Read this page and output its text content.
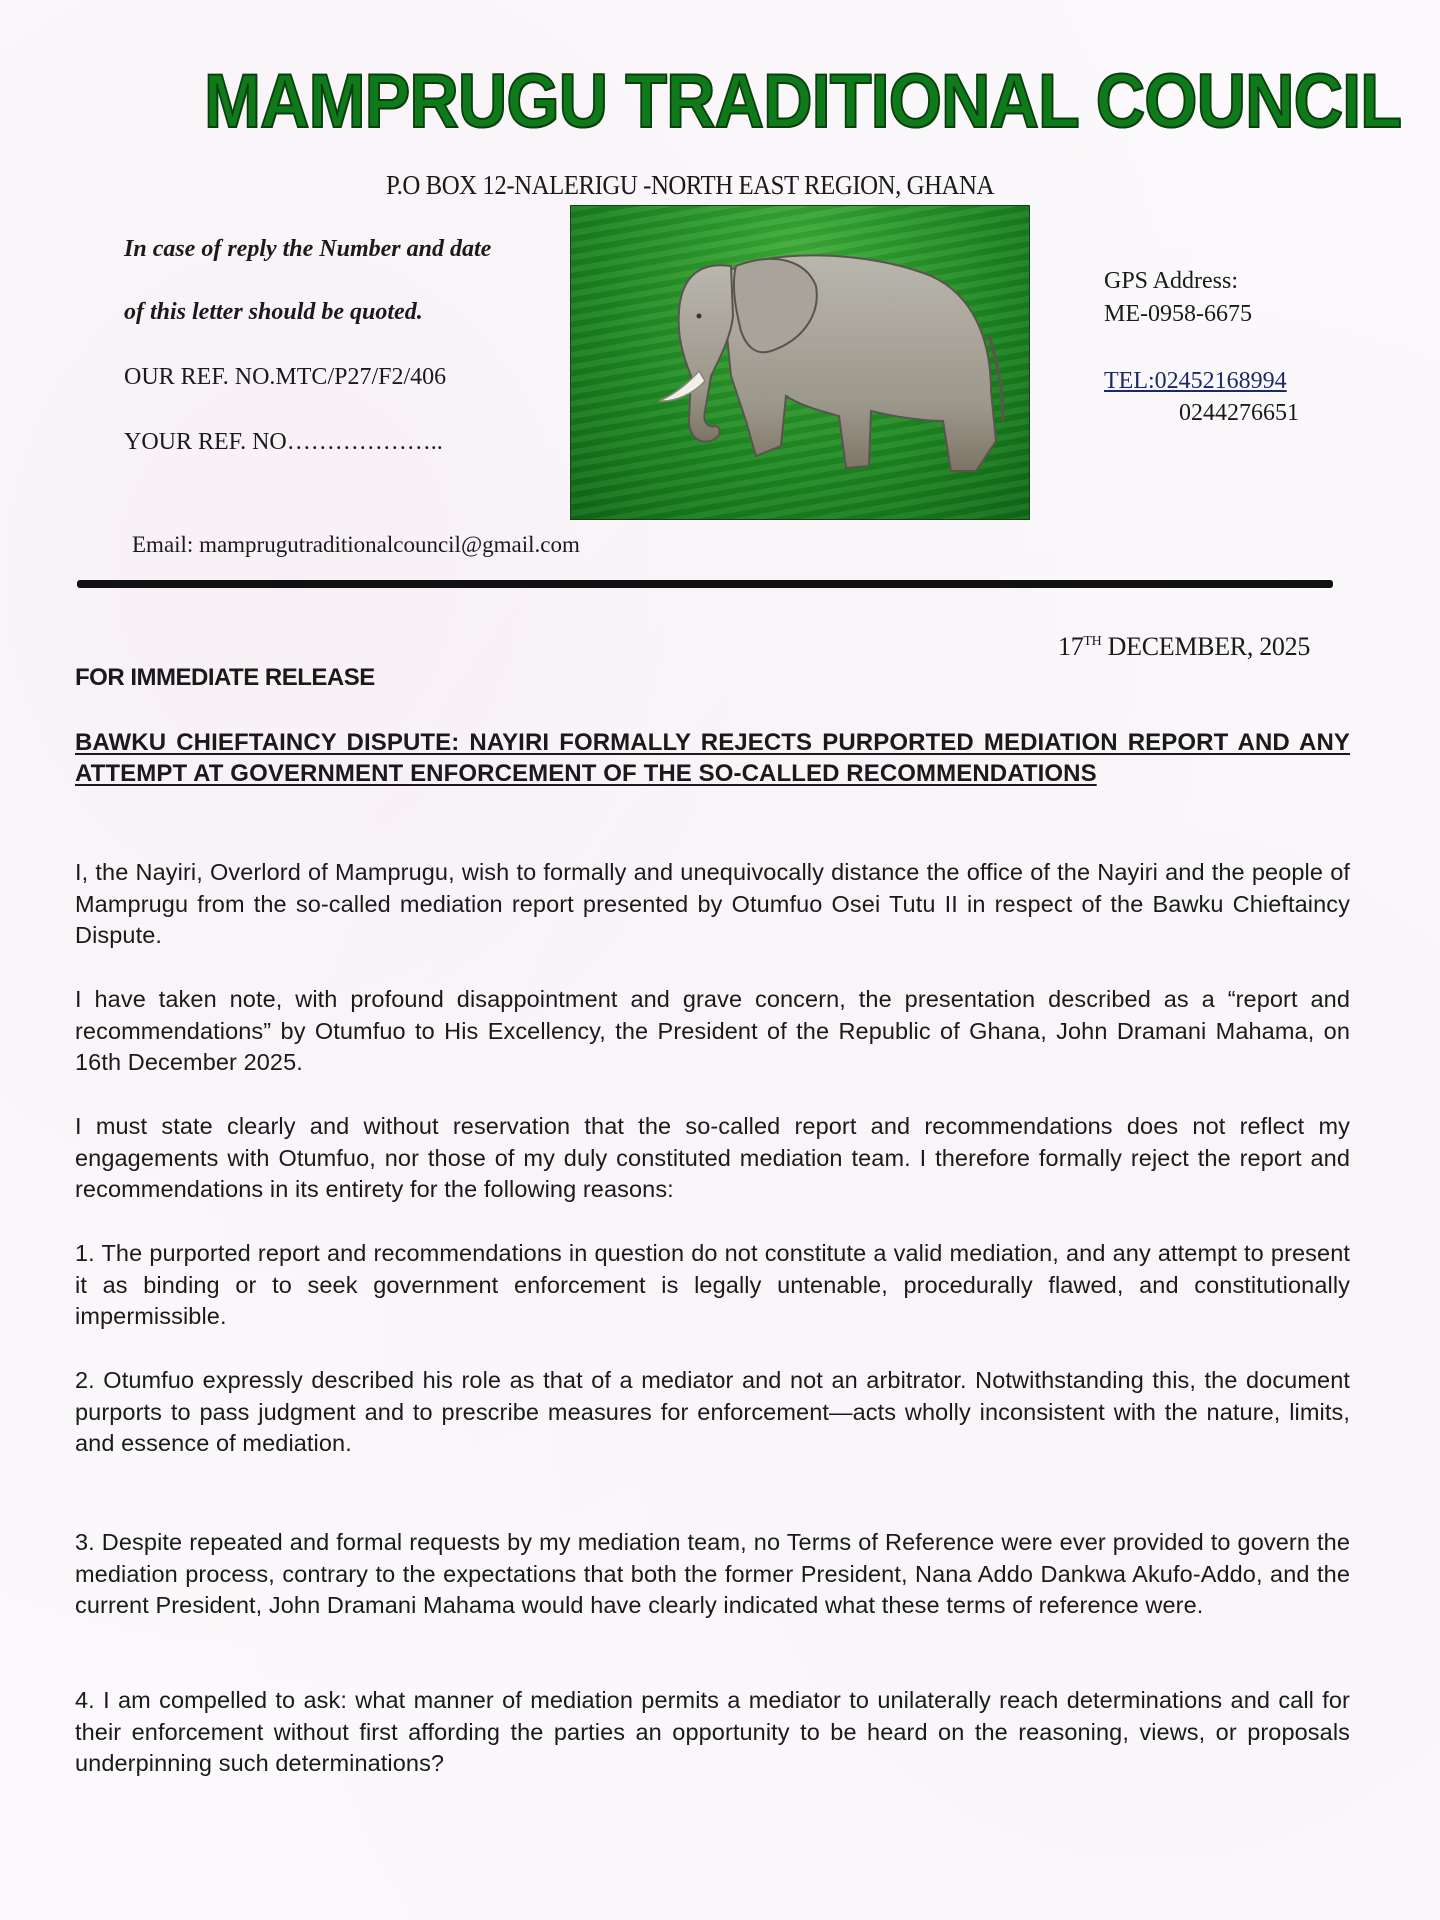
MAMPRUGU TRADITIONAL COUNCIL
P.O BOX 12-NALERIGU -NORTH EAST REGION, GHANA
In case of reply the Number and date
of this letter should be quoted.
OUR REF. NO.MTC/P27/F2/406
YOUR REF. NO………………..
GPS Address:
ME-0958-6675
TEL:02452168994
0244276651
Email: mamprugutraditionalcouncil@gmail.com
17TH DECEMBER, 2025
FOR IMMEDIATE RELEASE
BAWKU CHIEFTAINCY DISPUTE: NAYIRI FORMALLY REJECTS PURPORTED MEDIATION REPORT AND ANY ATTEMPT AT GOVERNMENT ENFORCEMENT OF THE SO-CALLED RECOMMENDATIONS
I, the Nayiri, Overlord of Mamprugu, wish to formally and unequivocally distance the office of the Nayiri and the people of Mamprugu from the so-called mediation report presented by Otumfuo Osei Tutu II in respect of the Bawku Chieftaincy Dispute.
I have taken note, with profound disappointment and grave concern, the presentation described as a “report and recommendations” by Otumfuo to His Excellency, the President of the Republic of Ghana, John Dramani Mahama, on 16th December 2025.
I must state clearly and without reservation that the so-called report and recommendations does not reflect my engagements with Otumfuo, nor those of my duly constituted mediation team. I therefore formally reject the report and recommendations in its entirety for the following reasons:
1. The purported report and recommendations in question do not constitute a valid mediation, and any attempt to present it as binding or to seek government enforcement is legally untenable, procedurally flawed, and constitutionally impermissible.
2. Otumfuo expressly described his role as that of a mediator and not an arbitrator. Notwithstanding this, the document purports to pass judgment and to prescribe measures for enforcement—acts wholly inconsistent with the nature, limits, and essence of mediation.
3. Despite repeated and formal requests by my mediation team, no Terms of Reference were ever provided to govern the mediation process, contrary to the expectations that both the former President, Nana Addo Dankwa Akufo-Addo, and the current President, John Dramani Mahama would have clearly indicated what these terms of reference were.
4. I am compelled to ask: what manner of mediation permits a mediator to unilaterally reach determinations and call for their enforcement without first affording the parties an opportunity to be heard on the reasoning, views, or proposals underpinning such determinations?
